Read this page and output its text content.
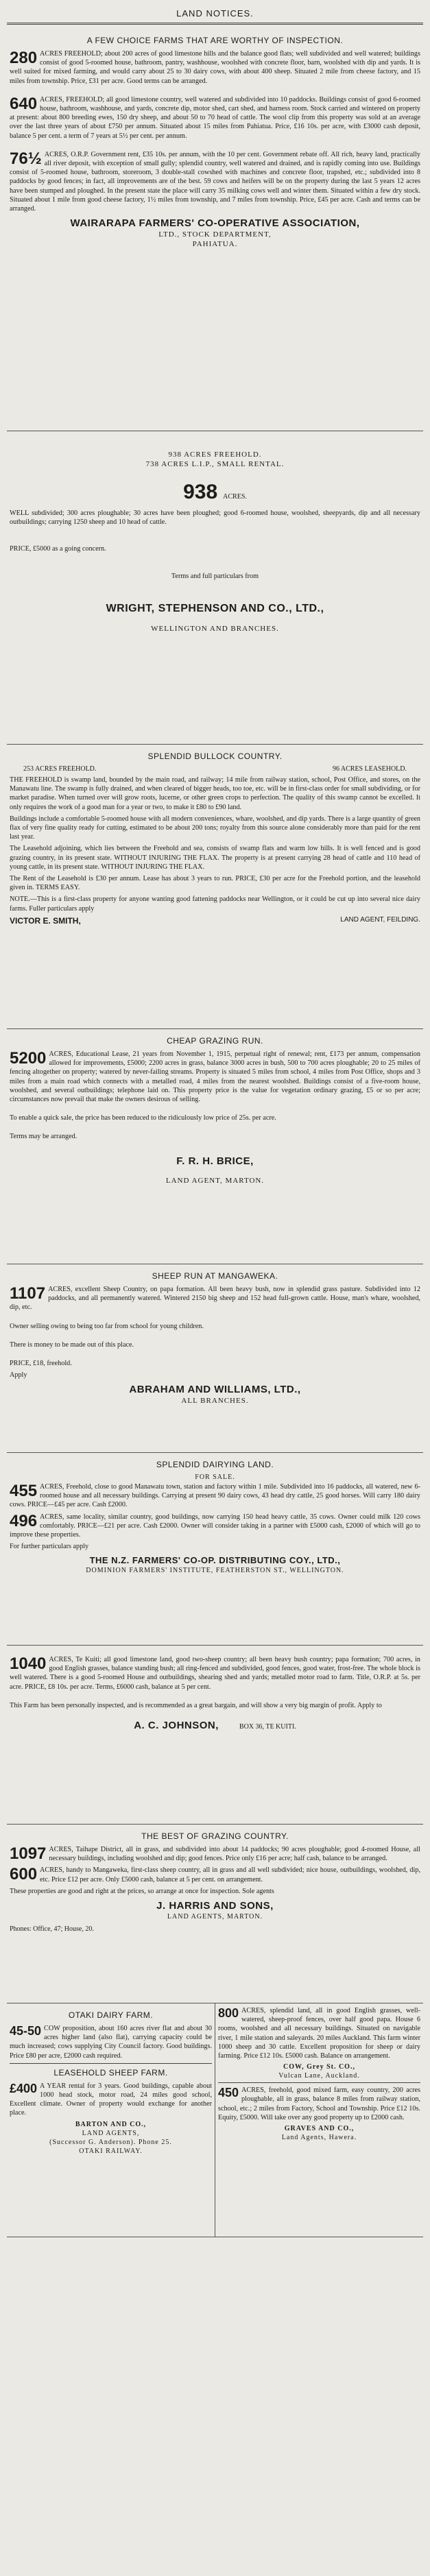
LAND NOTICES.
A FEW CHOICE FARMS THAT ARE WORTHY OF INSPECTION.

280 ACRES FREEHOLD; about 200 acres of good limestone hills and the balance good flats; well subdivided and well watered; buildings consist of good 5-roomed house, bathroom, pantry, washhouse, woolshed with concrete floor, barn, woolshed with dip and yards. It is well suited for mixed farming, and would carry about 25 to 30 dairy cows, with about 400 sheep. Situated 2 mile from cheese factory, and 15 miles from township. Price, £31 per acre. Good terms can be arranged.

640 ACRES, FREEHOLD; all good limestone country, well watered and subdivided into 10 paddocks. Buildings consist of good 6-roomed house, bathroom, washhouse, and yards, concrete dip, motor shed, cart shed, and harness room. Stock carried and wintered on property at present: about 800 breeding ewes, 150 dry sheep, and about 50 to 70 head of cattle. The wool clip from this property was sold at an average over the last three years of about £750 per annum. Situated about 15 miles from Pahiatua. Price, £16 10s. per acre, with £3000 cash deposit, balance 5 per cent. a term of 7 years at 5½ per cent. per annum.

76½ ACRES, O.R.P. Government rent, £35 10s. per annum, with the 10 per cent. Government rebate off. All rich, heavy land, practically all river deposit, with exception of small gully; splendid country, well watered and drained, and is rapidly coming into use. Buildings consist of 5-roomed house, bathroom, storeroom, 3 double-stall cowshed with machines and concrete floor, trapshed, etc.; subdivided into 8 paddocks by good fences; in fact, all improvements are of the best. 59 cows and heifers will be on the property during the last 5 years 12 acres have been stumped and ploughed. In the present state the place will carry 35 milking cows well and winter them. Situated within a few dry stock. Situated about 1 mile from good cheese factory, 1½ miles from township, and 7 miles from township. Price, £45 per acre. Cash and terms can be arranged.

WAIRARAPA FARMERS' CO-OPERATIVE ASSOCIATION,
LTD., STOCK DEPARTMENT,
PAHIATUA.
938 ACRES FREEHOLD.
738 ACRES L.I.P., SMALL RENTAL.
938 ACRES.

WELL subdivided; 300 acres ploughable; 30 acres have been ploughed; good 6-roomed house, woolshed, sheepyards, dip and all necessary outbuildings; carrying 1250 sheep and 10 head of cattle.

PRICE, £5000 as a going concern.

Terms and full particulars from

WRIGHT, STEPHENSON AND CO., LTD.,
WELLINGTON AND BRANCHES.
SPLENDID BULLOCK COUNTRY.
253 ACRES FREEHOLD.	96 ACRES LEASEHOLD.

THE FREEHOLD is swamp land, bounded by the main road, and railway; 14 mile from railway station, school, Post Office, and stores, on the Manawatu line. The swamp is fully drained, and when cleared of bigger heads, too toe, etc. will be in first-class order for small subdividing, or for market paradise. When turned over will grow roots, lucerne, or other green crops to perfection. The quality of this swamp cannot be excelled. It only requires the work of a good man for a year or two, to make it £80 to £90 land.

Buildings include a comfortable 5-roomed house with all modern conveniences, whare, woolshed, and dip yards. There is a large quantity of green flax of very fine quality ready for cutting, estimated to be about 200 tons; royalty from this source alone considerably more than paid for the rent last year.

The Leasehold adjoining, which lies between the Freehold and sea, consists of swamp flats and warm low hills. It is well fenced and is good grazing country, in its present state. WITHOUT INJURING THE FLAX. The property is at present carrying 28 head of cattle and 110 head of young cattle, in its present state. WITHOUT INJURING THE FLAX.

The Rent of the Leasehold is £30 per annum. Lease has about 3 years to run. PRICE, £30 per acre for the Freehold portion, and the leasehold given in. TERMS EASY.

NOTE.—This is a first-class property for anyone wanting good fattening paddocks near Wellington, or it could be cut up into several nice dairy farms. Fuller particulars apply

VICTOR E. SMITH,	LAND AGENT, FEILDING.
CHEAP GRAZING RUN.

5200 ACRES, Educational Lease, 21 years from November 1, 1915, perpetual right of renewal; rent, £173 per annum, compensation allowed for improvements, £5000; 2200 acres in grass, balance 3000 acres in bush, 500 to 700 acres ploughable; 20 to 25 miles of fencing altogether on property; watered by never-failing streams. Property is situated 5 miles from school, 4 miles from Post Office, shops and 3 miles from a main road which connects with a metalled road, 4 miles from the nearest woolshed. Buildings consist of a five-room house, woolshed, and several outbuildings; telephone laid on. This property price is the value for vegetation ordinary grazing, £5 or so per acre; circumstances now prevail that make the owners desirous of selling.

To enable a quick sale, the price has been reduced to the ridiculously low price of 25s. per acre.

Terms may be arranged.

F. R. H. BRICE,
LAND AGENT, MARTON.
SHEEP RUN AT MANGAWEKA.

1107 ACRES, excellent Sheep Country, on papa formation. All been heavy bush, now in splendid grass pasture. Subdivided into 12 paddocks, and all permanently watered. Wintered 2150 big sheep and 152 head full-grown cattle. House, man's whare, woolshed, dip, etc.

Owner selling owing to being too far from school for young children.

There is money to be made out of this place.

PRICE, £18, freehold.

Apply

ABRAHAM AND WILLIAMS, LTD.,
ALL BRANCHES.
SPLENDID DAIRYING LAND.
FOR SALE.

455 ACRES, Freehold, close to good Manawatu town, station and factory within 1 mile. Subdivided into 16 paddocks, all watered, new 6-roomed house and all necessary buildings. Carrying at present 90 dairy cows, 43 head dry cattle, 25 good horses. Will carry 180 dairy cows. PRICE—£45 per acre. Cash £2000.

496 ACRES, same locality, similar country, good buildings, now carrying 150 head heavy cattle, 35 cows. Owner could milk 120 cows comfortably. PRICE—£21 per acre. Cash £2000. Owner will consider taking in a partner with £5000 cash, £2000 of which will go to improve these properties.

For further particulars apply

THE N.Z. FARMERS' CO-OP. DISTRIBUTING COY., LTD.,
DOMINION FARMERS' INSTITUTE, FEATHERSTON ST., WELLINGTON.

1040 ACRES, Te Kuiti; all good limestone land, good two-sheep country; all been heavy bush country; papa formation; 700 acres, in good English grasses, balance standing bush; all ring-fenced and subdivided, good fences, good water, frost-free. The whole block is well watered. There is a good 5-roomed House and outbuildings, shearing shed and yards; metalled motor road to farm. Title, O.R.P. at 5s. per acre. PRICE, £8 10s. per acre. Terms, £6000 cash, balance at 5 per cent.

This Farm has been personally inspected, and is recommended as a great bargain, and will show a very big margin of profit. Apply to

A. C. JOHNSON,	BOX 36, TE KUITI.
THE BEST OF GRAZING COUNTRY.

1097 ACRES, Taihape District, all in grass, and subdivided into about 14 paddocks; 90 acres ploughable; good 4-roomed House, all necessary buildings, including woolshed and dip; good fences. Price only £16 per acre; half cash, balance to be arranged.

600 ACRES, handy to Mangaweka, first-class sheep country, all in grass and all well subdivided; nice house, outbuildings, woolshed, dip, etc. Price £12 per acre. Only £5000 cash, balance at 5 per cent. on arrangement.

These properties are good and right at the prices, so arrange at once for inspection. Sole agents

J. HARRIS AND SONS,
LAND AGENTS, MARTON.

Phones: Office, 47; House, 20.

OTAKI DAIRY FARM.

45-50 COW proposition, about 160 acres river flat and about 30 acres higher land (also flat), carrying capacity could be much increased; cows supplying City Council factory. Good buildings. Price £80 per acre, £2000 cash required.

LEASEHOLD SHEEP FARM.

£400 A YEAR rental for 3 years. Good buildings, capable about 1000 head stock, motor road, 24 miles good school, Excellent climate. Owner of property would exchange for another place.

BARTON AND CO.,
LAND AGENTS,
(Successor G. Anderson). Phone 25.
OTAKI RAILWAY.

800 ACRES, splendid land, all in good English grasses, well-watered, sheep-proof fences, over half good papa. House 6 rooms, woolshed and all necessary buildings. Situated on navigable river, 1 mile station and saleyards. 20 miles Auckland. This farm winter 1000 sheep and 30 cattle. Excellent proposition for sheep or dairy farming. Price £12 10s. £5000 cash. Balance on arrangement.

COW, Grey St. CO.,
Vulcan Lane, Auckland.

450 ACRES, freehold, good mixed farm, easy country, 200 acres ploughable, all in grass, balance 8 miles from railway station, school, etc.; 2 miles from Factory, School and Township. Price £12 10s. Equity, £5000. Will take over any good property up to £2000 cash.

GRAVES AND CO.,
Land Agents, Hawera.
